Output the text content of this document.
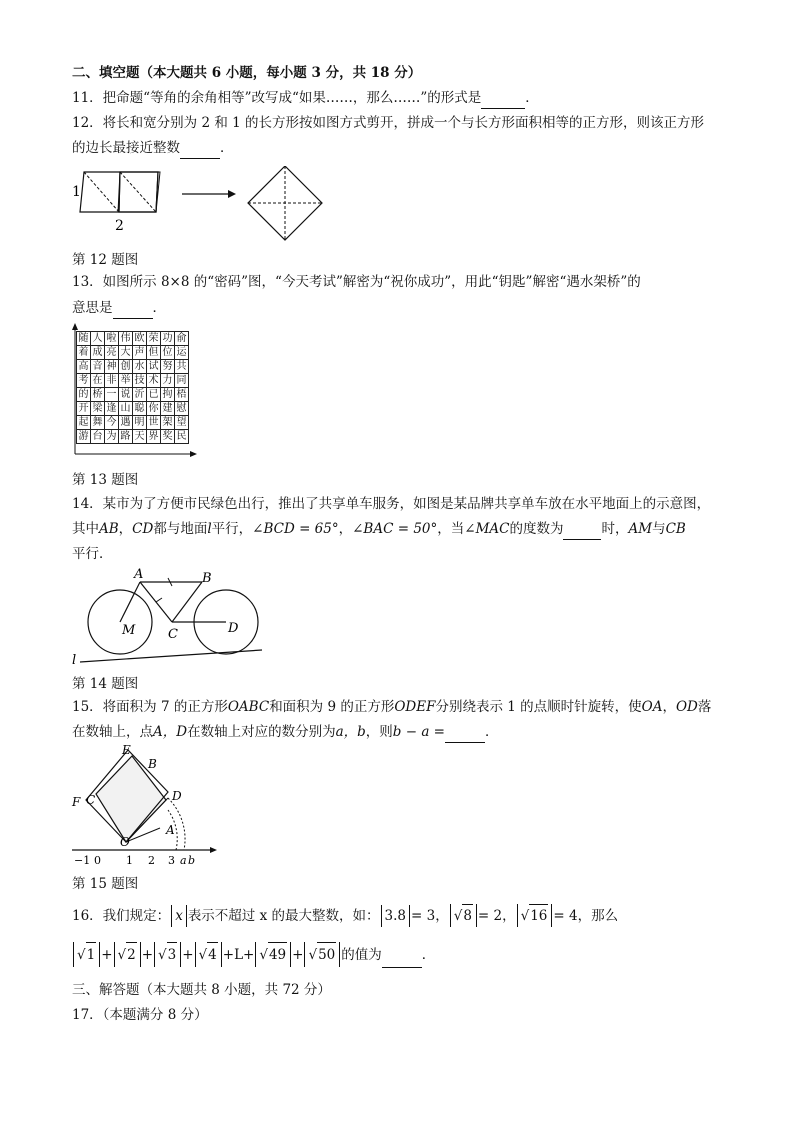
二、填空题（本大题共 6 小题，每小题 3 分，共 18 分）
11．把命题“等角的余角相等”改写成“如果……，那么……”的形式是	．
12．将长和宽分别为 2 和 1 的长方形按如图方式剪开，拼成一个与长方形面积相等的正方形，则该正方形
的边长最接近整数	．
1
2
第 12 题图
13．如图所示 8×8 的“密码”图，“今天考试”解密为“祝你成功”，用此“钥匙”解密“遇水架桥”的
意思是	．
随	人	啦	伟	欧	荣	功	俞
着	成	亮	大	声	但	位	运
高	音	神	创	水	试	努	共
考	在	非	举	技	术	力	同
的	桥	一	说	沂	已	拘	梧
开	梁	逢	山	聪	你	建	慰
起	舞	今	遇	明	世	架	望
游	台	为	路	天	界	奖	民
第 13 题图
14．某市为了方便市民绿色出行，推出了共享单车服务，如图是某品牌共享单车放在水平地面上的示意图，
其中AB，CD都与地面l平行，∠BCD = 65°，∠BAC = 50°，当∠MAC的度数为	时，AM与CB
平行．
A	B
C	D
M
l
第 14 题图
15．将面积为 7 的正方形OABC和面积为 9 的正方形ODEF分别绕表示 1 的点顺时针旋转，使OA，OD落
在数轴上，点A，D在数轴上对应的数分别为a，b，则b − a =	．
E
B
F C	D
O
A
−1 0 1 2 3 a b
第 15 题图
16．我们规定： x 表示不超过 x 的最大整数，如： 3.8 = 3， √8 = 2， √16 = 4，那么
√1 + √2 + √3 + √4 +L+ √49 + √50 的值为	．
三、解答题（本大题共 8 小题，共 72 分）
17．（本题满分 8 分）
